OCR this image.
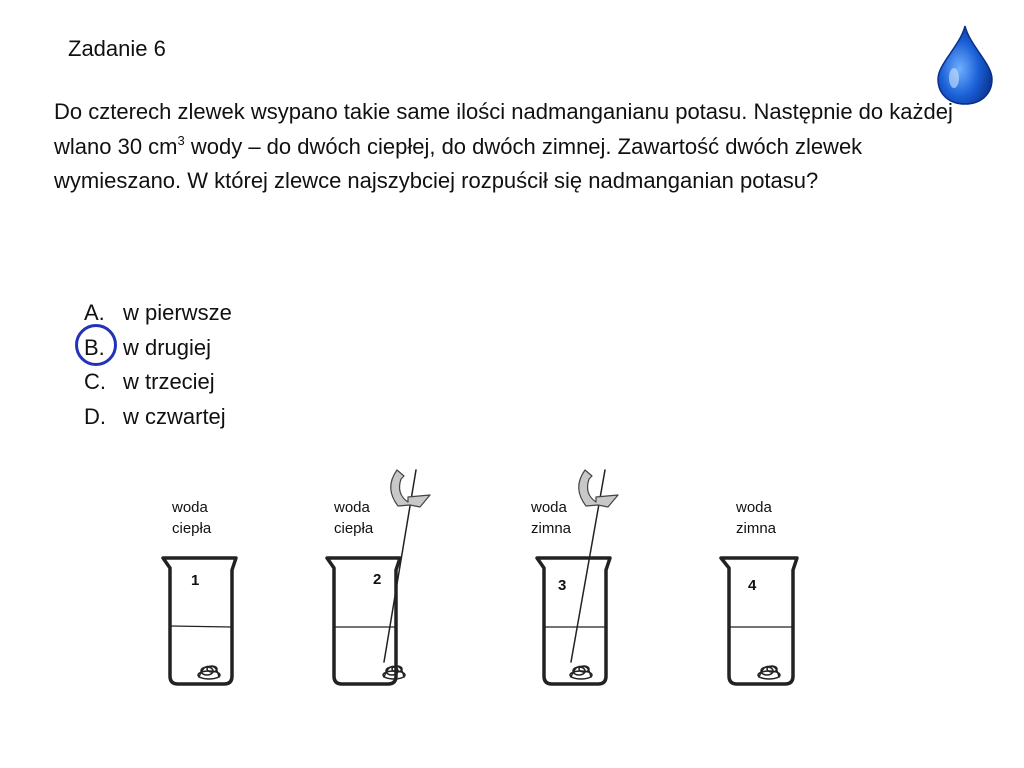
Zadanie 6
Do czterech zlewek wsypano takie same ilości nadmanganianu potasu. Następnie do każdej wlano 30 $cm^3$ wody – do dwóch ciepłej, do dwóch zimnej. Zawartość dwóch zlewek wymieszano. W której zlewce najszybciej rozpuścił się nadmanganian potasu?
A. w pierwsze
B. w drugiej
C. w trzeciej
D. w czwartej
woda
ciepła
woda
ciepła
woda
zimna
woda
zimna
1	2	3	4
